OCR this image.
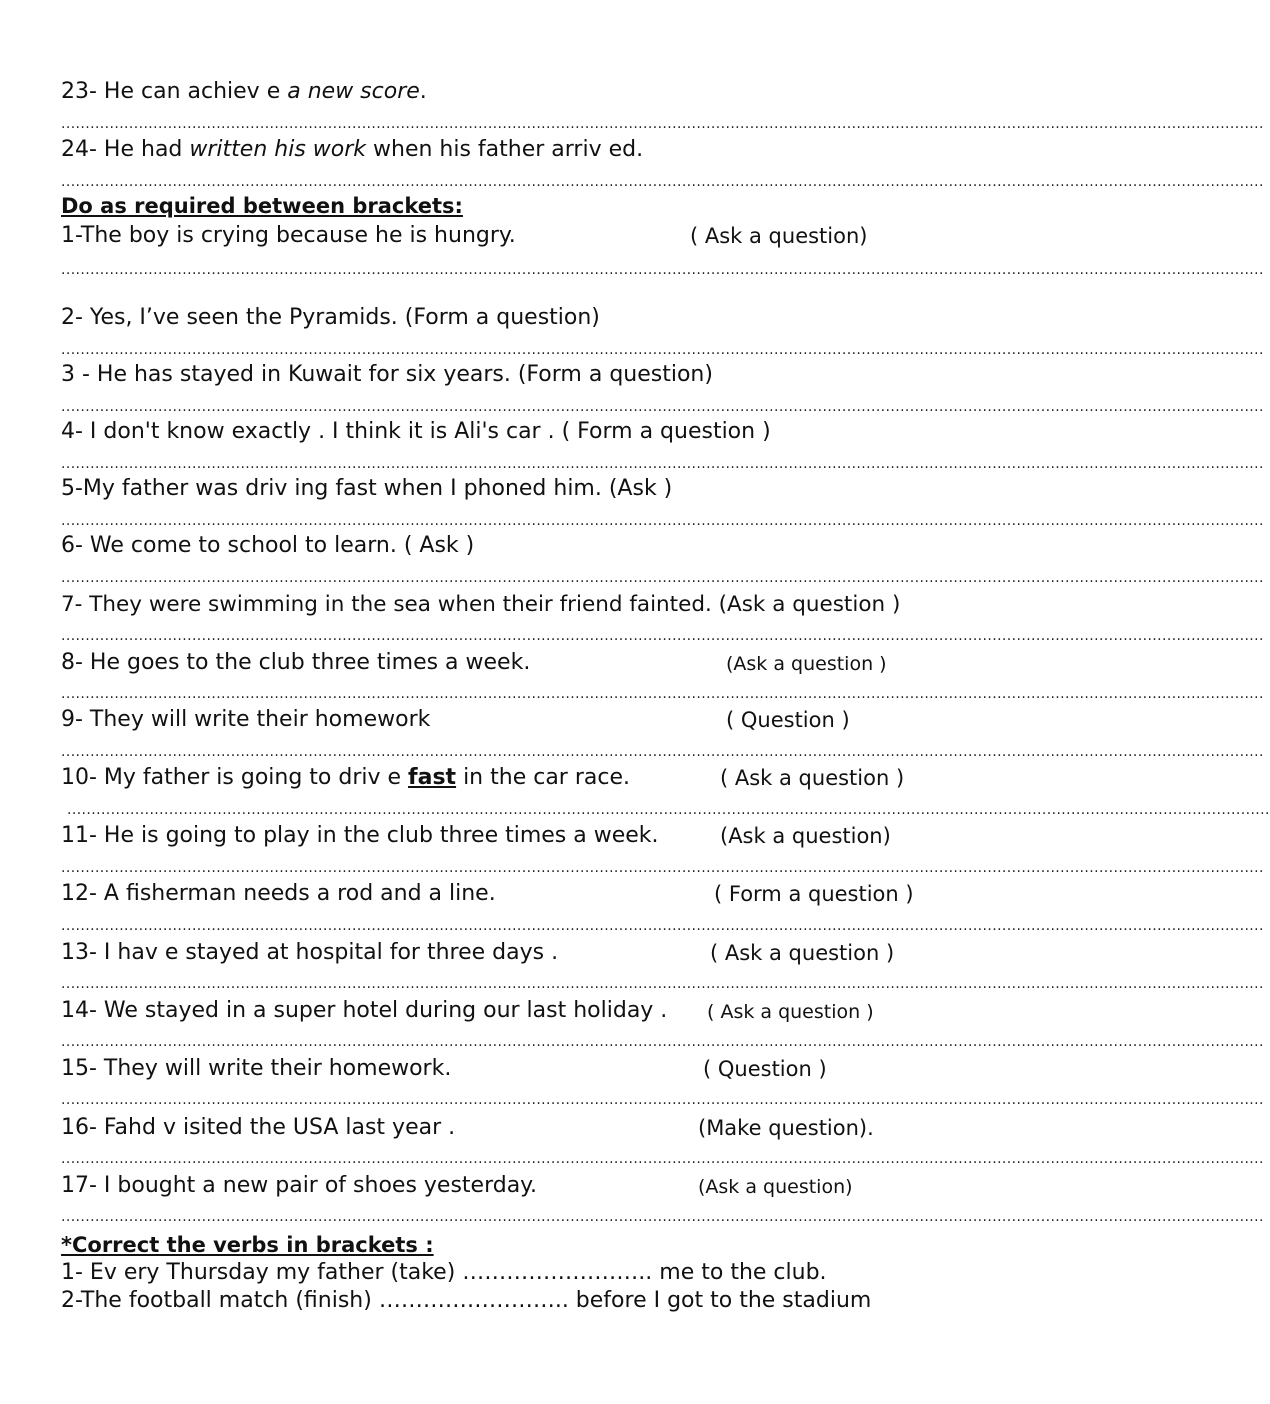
23- He can achiev e a new score.
........................................................................................................................................................................................................................................................
24- He had written his work when his father arriv ed.
........................................................................................................................................................................................................................................................
Do as required between brackets:
1-The boy is crying because he is hungry.	( Ask a question)
........................................................................................................................................................................................................................................................
2- Yes, I’ve seen the Pyramids. (Form a question)
........................................................................................................................................................................................................................................................
3 - He has stayed in Kuwait for six years. (Form a question)
........................................................................................................................................................................................................................................................
4- I don't know exactly . I think it is Ali's car . ( Form a question )
........................................................................................................................................................................................................................................................
5-My father was driv ing fast when I phoned him. (Ask )
........................................................................................................................................................................................................................................................
6- We come to school to learn. ( Ask )
........................................................................................................................................................................................................................................................
7- They were swimming in the sea when their friend fainted. (Ask a question )
........................................................................................................................................................................................................................................................
8- He goes to the club three times a week.	(Ask a question )
........................................................................................................................................................................................................................................................
9- They will write their homework	( Question )
........................................................................................................................................................................................................................................................
10- My father is going to driv e fast in the car race.	( Ask a question )
........................................................................................................................................................................................................................................................
11- He is going to play in the club three times a week.	(Ask a question)
........................................................................................................................................................................................................................................................
12- A fisherman needs a rod and a line.	( Form a question )
........................................................................................................................................................................................................................................................
13- I hav e stayed at hospital for three days .	( Ask a question )
........................................................................................................................................................................................................................................................
14- We stayed in a super hotel during our last holiday . ( Ask a question )
........................................................................................................................................................................................................................................................
15- They will write their homework.	( Question )
........................................................................................................................................................................................................................................................
16- Fahd v isited the USA last year .	(Make question).
........................................................................................................................................................................................................................................................
17- I bought a new pair of shoes yesterday.	(Ask a question)
........................................................................................................................................................................................................................................................
*Correct the verbs in brackets :
1- Ev ery Thursday my father (take) …………………….. me to the club.
2-The football match (finish) …………………….. before I got to the stadium
